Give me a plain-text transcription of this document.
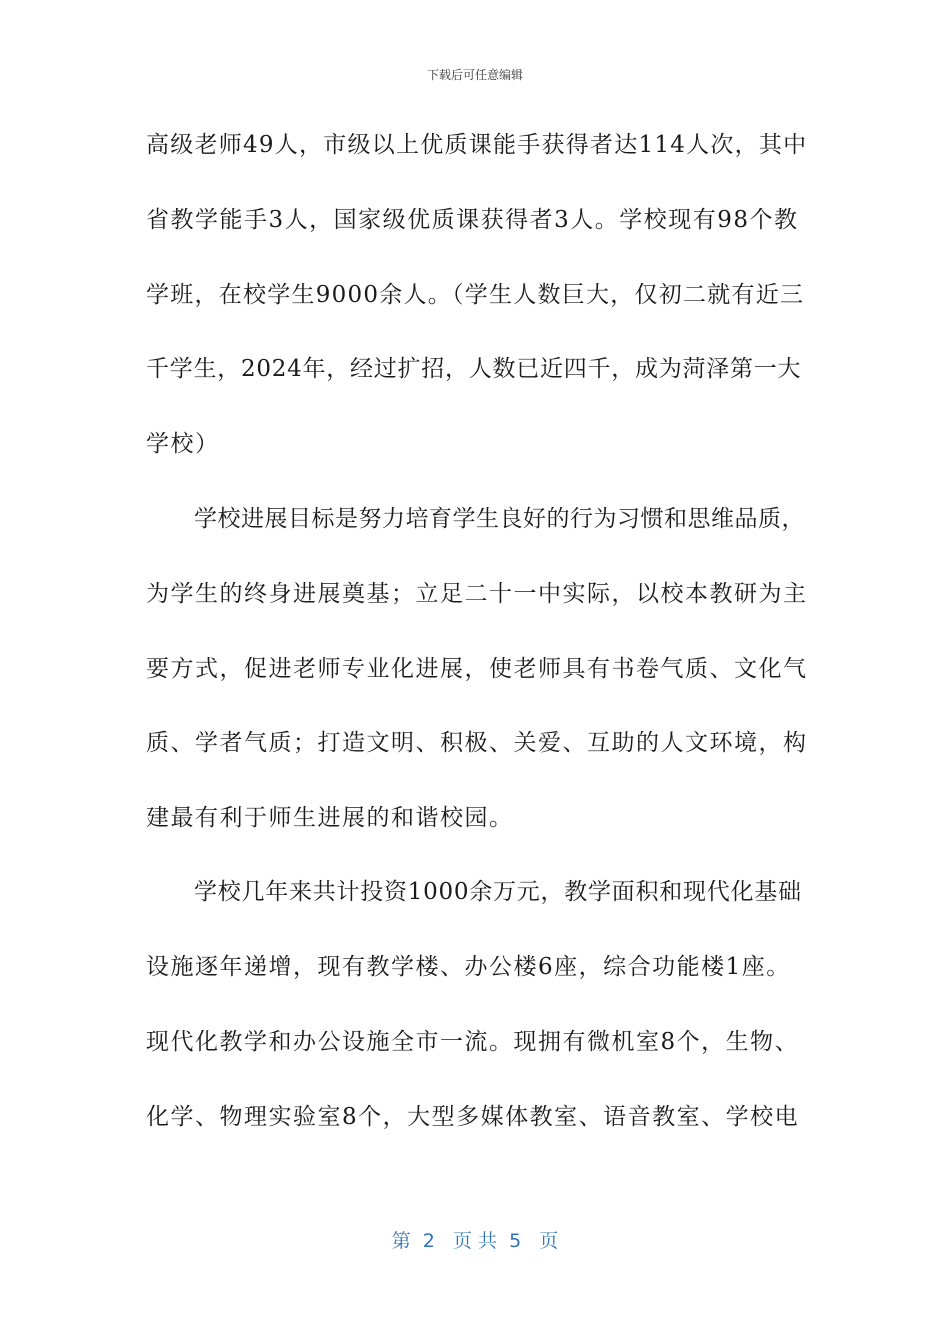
下载后可任意编辑
高级老师49人，市级以上优质课能手获得者达114人次，其中
省教学能手3人，国家级优质课获得者3人。学校现有98个教
学班，在校学生9000余人。（学生人数巨大，仅初二就有近三
千学生，2024年，经过扩招，人数已近四千，成为菏泽第一大
学校）
学校进展目标是努力培育学生良好的行为习惯和思维品质，
为学生的终身进展奠基；立足二十一中实际，以校本教研为主
要方式，促进老师专业化进展，使老师具有书卷气质、文化气
质、学者气质；打造文明、积极、关爱、互助的人文环境，构
建最有利于师生进展的和谐校园。
学校几年来共计投资1000余万元，教学面积和现代化基础
设施逐年递增，现有教学楼、办公楼6座，综合功能楼1座。
现代化教学和办公设施全市一流。现拥有微机室8个，生物、
化学、物理实验室8个，大型多媒体教室、语音教室、学校电
第  2   页 共  5   页
